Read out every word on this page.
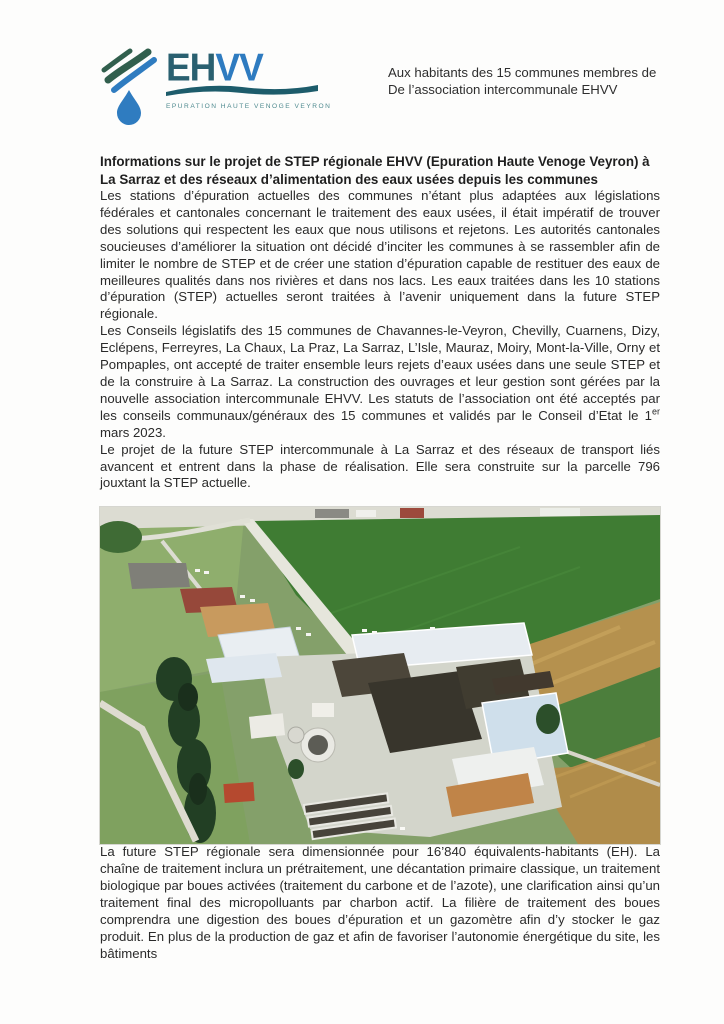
EHVV
EPURATION HAUTE VENOGE VEYRON
Aux habitants des 15 communes membres de
De l’association intercommunale EHVV
Informations sur le projet de STEP régionale EHVV (Epuration Haute Venoge Veyron) à La Sarraz et des réseaux d’alimentation des eaux usées depuis les communes

Les stations d’épuration actuelles des communes n’étant plus adaptées aux législations fédérales et cantonales concernant le traitement des eaux usées, il était impératif de trouver des solutions qui respectent les eaux que nous utilisons et rejetons. Les autorités cantonales soucieuses d’améliorer la situation ont décidé d’inciter les communes à se rassembler afin de limiter le nombre de STEP et de créer une station d’épuration capable de restituer des eaux de meilleures qualités dans nos rivières et dans nos lacs. Les eaux traitées dans les 10 stations d’épuration (STEP) actuelles seront traitées à l’avenir uniquement dans la future STEP régionale.

Les Conseils législatifs des 15 communes de Chavannes-le-Veyron, Chevilly, Cuarnens, Dizy, Eclépens, Ferreyres, La Chaux, La Praz, La Sarraz, L’Isle, Mauraz, Moiry, Mont-la-Ville, Orny et Pompaples, ont accepté de traiter ensemble leurs rejets d’eaux usées dans une seule STEP et de la construire à La Sarraz. La construction des ouvrages et leur gestion sont gérées par la nouvelle association intercommunale EHVV. Les statuts de l’association ont été acceptés par les conseils communaux/généraux des 15 communes et validés par le Conseil d’Etat le 1er mars 2023.

Le projet de la future STEP intercommunale à La Sarraz et des réseaux de transport liés avancent et entrent dans la phase de réalisation. Elle sera construite sur la parcelle 796 jouxtant la STEP actuelle.

La future STEP régionale sera dimensionnée pour 16’840 équivalents-habitants (EH). La chaîne de traitement inclura un prétraitement, une décantation primaire classique, un traitement biologique par boues activées (traitement du carbone et de l’azote), une clarification ainsi qu’un traitement final des micropolluants par charbon actif. La filière de traitement des boues comprendra une digestion des boues d’épuration et un gazomètre afin d’y stocker le gaz produit. En plus de la production de gaz et afin de favoriser l’autonomie énergétique du site, les bâtiments
